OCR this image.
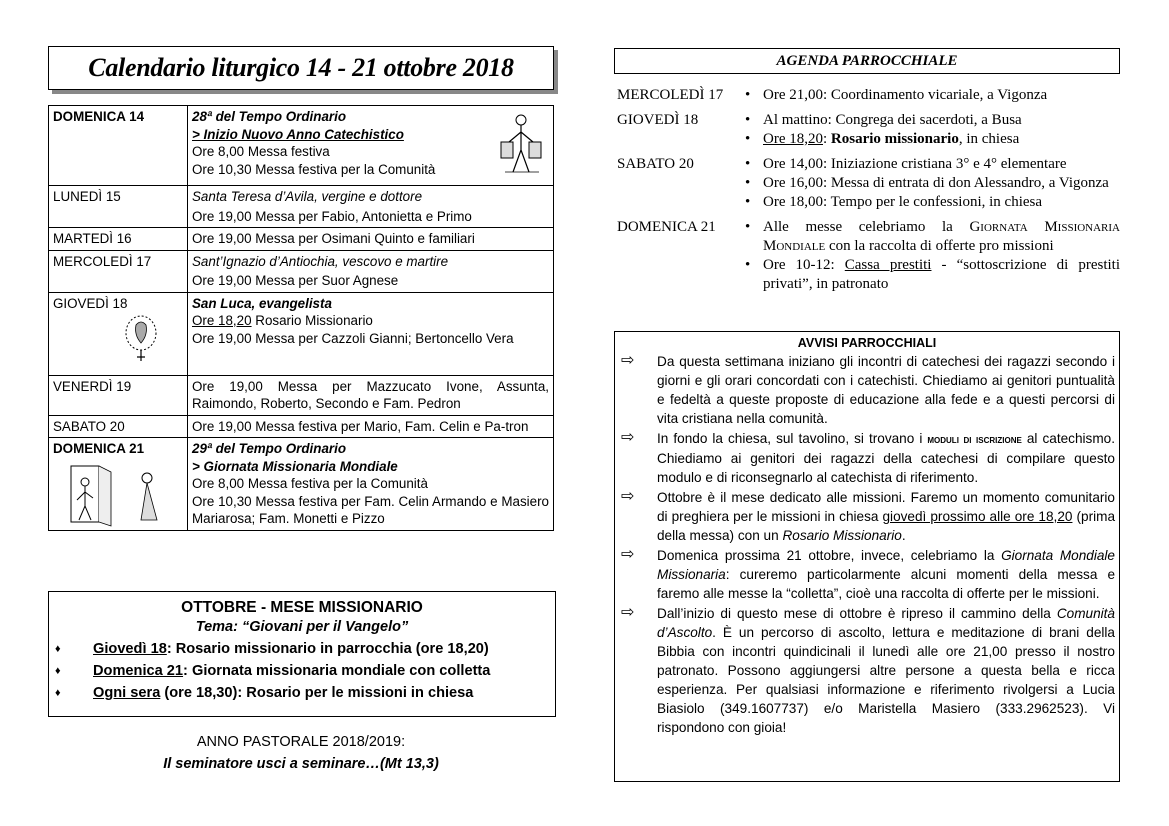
Calendario liturgico 14 - 21 ottobre 2018
DOMENICA 14	28ª del Tempo Ordinario
> Inizio Nuovo Anno Catechistico
Ore 8,00 Messa festiva
Ore 10,30 Messa festiva per la Comunità

LUNEDÌ 15	Santa Teresa d’Avila, vergine e dottore
Ore 19,00 Messa per Fabio, Antonietta e Primo

MARTEDÌ 16	Ore 19,00 Messa per Osimani Quinto e familiari

MERCOLEDÌ 17	Sant’Ignazio d’Antiochia, vescovo e martire
Ore 19,00 Messa per Suor Agnese

GIOVEDÌ 18	San Luca, evangelista
Ore 18,20 Rosario Missionario
Ore 19,00 Messa per Cazzoli Gianni; Bertoncello Vera

VENERDÌ 19	Ore 19,00 Messa per Mazzucato Ivone, Assunta, Raimondo, Roberto, Secondo e Fam. Pedron

SABATO 20	Ore 19,00 Messa festiva per Mario, Fam. Celin e Pa-tron

DOMENICA 21	29ª del Tempo Ordinario
> Giornata Missionaria Mondiale
Ore 8,00 Messa festiva per la Comunità
Ore 10,30 Messa festiva per Fam. Celin Armando e Masiero Mariarosa; Fam. Monetti e Pizzo
OTTOBRE - MESE MISSIONARIO
Tema: “Giovani per il Vangelo”
♦ Giovedì 18: Rosario missionario in parrocchia (ore 18,20)
♦ Domenica 21: Giornata missionaria mondiale con colletta
♦ Ogni sera (ore 18,30): Rosario per le missioni in chiesa
ANNO PASTORALE 2018/2019:
Il seminatore usci a seminare…(Mt 13,3)
AGENDA PARROCCHIALE
MERCOLEDÌ 17	• Ore 21,00: Coordinamento vicariale, a Vigonza
GIOVEDÌ 18	• Al mattino: Congrega dei sacerdoti, a Busa
• Ore 18,20: Rosario missionario, in chiesa
SABATO 20	• Ore 14,00: Iniziazione cristiana 3° e 4° elementare
• Ore 16,00: Messa di entrata di don Alessandro, a Vigonza
• Ore 18,00: Tempo per le confessioni, in chiesa
DOMENICA 21	• Alle messe celebriamo la Giornata Missionaria Mondiale con la raccolta di offerte pro missioni
• Ore 10-12: Cassa prestiti - “sottoscrizione di prestiti privati”, in patronato
AVVISI PARROCCHIALI
⇨ Da questa settimana iniziano gli incontri di catechesi dei ragazzi secondo i giorni e gli orari concordati con i catechisti. Chiediamo ai genitori puntualità e fedeltà a queste proposte di educazione alla fede e a questi percorsi di vita cristiana nella comunità.
⇨ In fondo la chiesa, sul tavolino, si trovano i moduli di iscrizione al catechismo. Chiediamo ai genitori dei ragazzi della catechesi di compilare questo modulo e di riconsegnarlo al catechista di riferimento.
⇨ Ottobre è il mese dedicato alle missioni. Faremo un momento comunitario di preghiera per le missioni in chiesa giovedì prossimo alle ore 18,20 (prima della messa) con un Rosario Missionario.
⇨ Domenica prossima 21 ottobre, invece, celebriamo la Giornata Mondiale Missionaria: cureremo particolarmente alcuni momenti della messa e faremo alle messe la “colletta”, cioè una raccolta di offerte per le missioni.
⇨ Dall’inizio di questo mese di ottobre è ripreso il cammino della Comunità d’Ascolto. È un percorso di ascolto, lettura e meditazione di brani della Bibbia con incontri quindicinali il lunedì alle ore 21,00 presso il nostro patronato. Possono aggiungersi altre persone a questa bella e ricca esperienza. Per qualsiasi informazione e riferimento rivolgersi a Lucia Biasiolo (349.1607737) e/o Maristella Masiero (333.2962523). Vi rispondono con gioia!
